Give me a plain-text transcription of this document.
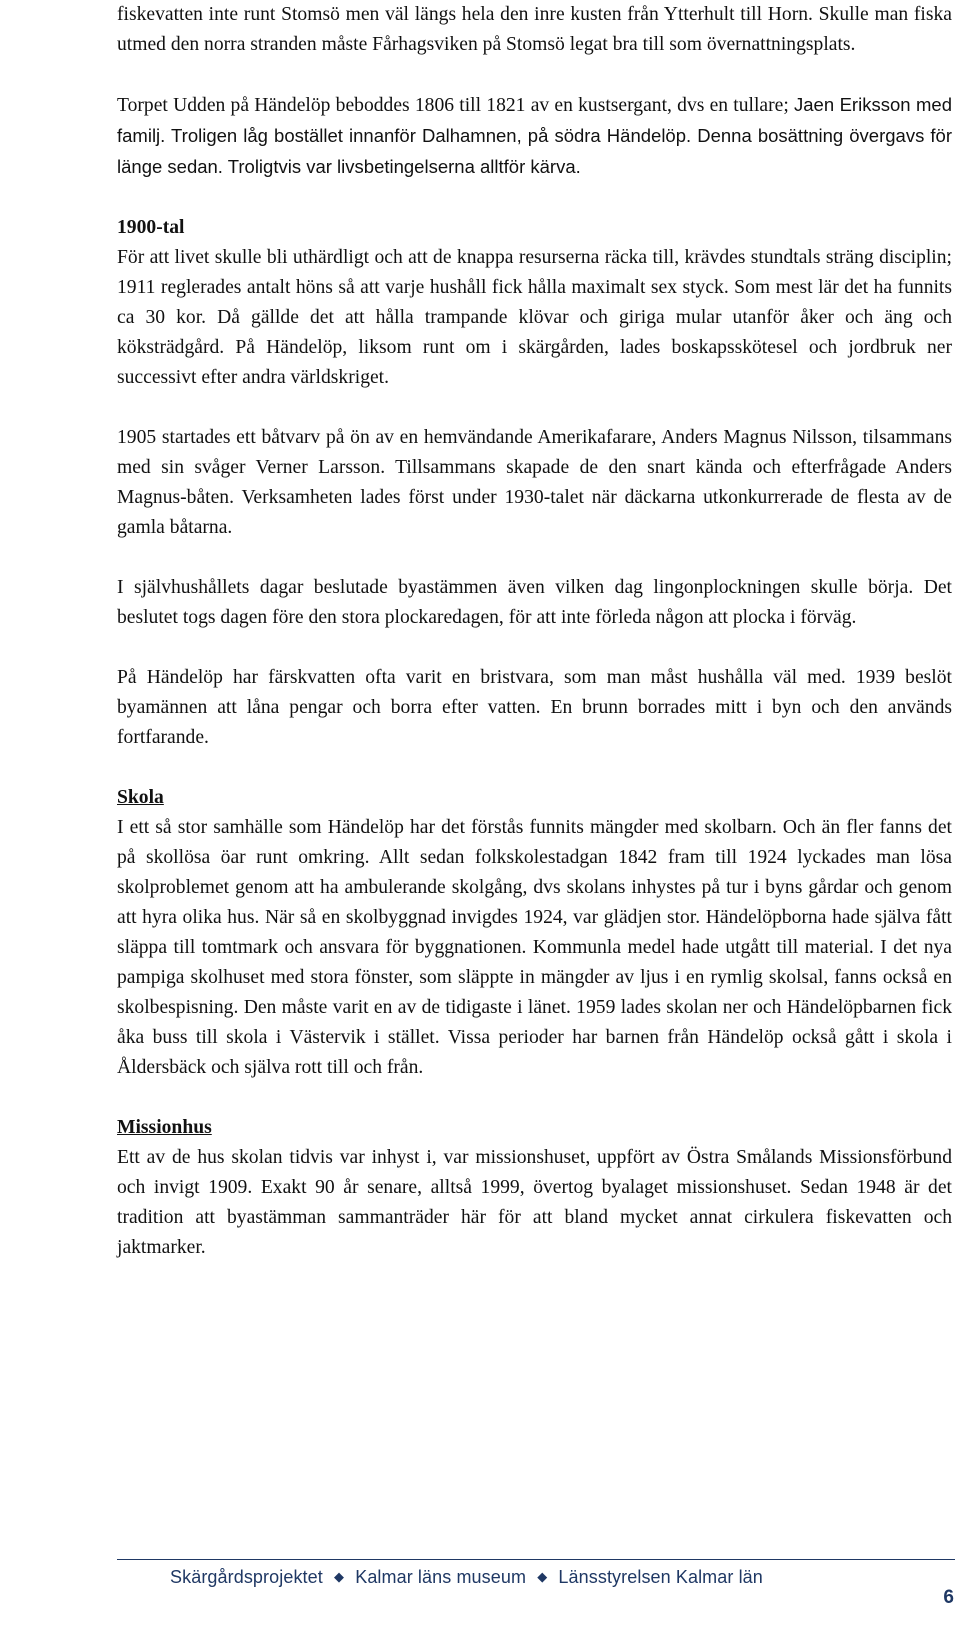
fiskevatten inte runt Stomsö men väl längs hela den inre kusten från Ytterhult till Horn. Skulle man fiska utmed den norra stranden måste Fårhagsviken på Stomsö legat bra till som övernattningsplats.

Torpet Udden på Händelöp beboddes 1806 till 1821 av en kustsergant, dvs en tullare; Jaen Eriksson med familj. Troligen låg bostället innanför Dalhamnen, på södra Händelöp. Denna bosättning övergavs för länge sedan. Troligtvis var livsbetingelserna alltför kärva.

1900-tal

För att livet skulle bli uthärdligt och att de knappa resurserna räcka till, krävdes stundtals sträng disciplin; 1911 reglerades antalt höns så att varje hushåll fick hålla maximalt sex styck. Som mest lär det ha funnits ca 30 kor. Då gällde det att hålla trampande klövar och giriga mular utanför åker och äng och köksträdgård. På Händelöp, liksom runt om i skärgården, lades boskapsskötesel och jordbruk ner successivt efter andra världskriget.

1905 startades ett båtvarv på ön av en hemvändande Amerikafarare, Anders Magnus Nilsson, tilsammans med sin svåger Verner Larsson. Tillsammans skapade de den snart kända och efterfrågade Anders Magnus-båten. Verksamheten lades först under 1930-talet när däckarna utkonkurrerade de flesta av de gamla båtarna.

I självhushållets dagar beslutade byastämmen även vilken dag lingonplockningen skulle börja. Det beslutet togs dagen före den stora plockaredagen, för att inte förleda någon att plocka i förväg.

På Händelöp har färskvatten ofta varit en bristvara, som man måst hushålla väl med. 1939 beslöt byamännen att låna pengar och borra efter vatten. En brunn borrades mitt i byn och den används fortfarande.

Skola

I ett så stor samhälle som Händelöp har det förstås funnits mängder med skolbarn. Och än fler fanns det på skollösa öar runt omkring. Allt sedan folkskolestadgan 1842 fram till 1924 lyckades man lösa skolproblemet genom att ha ambulerande skolgång, dvs skolans inhystes på tur i byns gårdar och genom att hyra olika hus. När så en skolbyggnad invigdes 1924, var glädjen stor. Händelöpborna hade själva fått släppa till tomtmark och ansvara för byggnationen. Kommunla medel hade utgått till material. I det nya pampiga skolhuset med stora fönster, som släppte in mängder av ljus i en rymlig skolsal, fanns också en skolbespisning. Den måste varit en av de tidigaste i länet. 1959 lades skolan ner och Händelöpbarnen fick åka buss till skola i Västervik i stället. Vissa perioder har barnen från Händelöp också gått i skola i Åldersbäck och själva rott till och från.

Missionhus

Ett av de hus skolan tidvis var inhyst i, var missionshuset, uppfört av Östra Smålands Missionsförbund och invigt 1909. Exakt 90 år senare, alltså 1999, övertog byalaget missionshuset. Sedan 1948 är det tradition att byastämman sammanträder här för att bland mycket annat cirkulera fiskevatten och jaktmarker.

Skärgårdsprojektet ◆ Kalmar läns museum ◆ Länsstyrelsen Kalmar län
6
